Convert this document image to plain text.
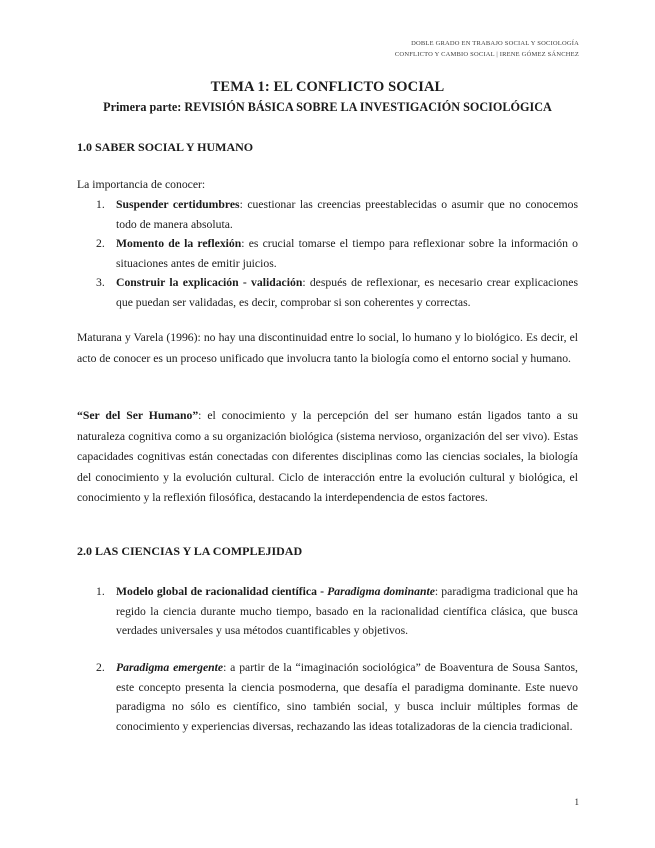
DOBLE GRADO EN TRABAJO SOCIAL Y SOCIOLOGÍA
CONFLICTO Y CAMBIO SOCIAL | IRENE GÓMEZ SÁNCHEZ
TEMA 1: EL CONFLICTO SOCIAL
Primera parte: REVISIÓN BÁSICA SOBRE LA INVESTIGACIÓN SOCIOLÓGICA
1.0 SABER SOCIAL Y HUMANO
La importancia de conocer:
1. Suspender certidumbres: cuestionar las creencias preestablecidas o asumir que no conocemos todo de manera absoluta.
2. Momento de la reflexión: es crucial tomarse el tiempo para reflexionar sobre la información o situaciones antes de emitir juicios.
3. Construir la explicación - validación: después de reflexionar, es necesario crear explicaciones que puedan ser validadas, es decir, comprobar si son coherentes y correctas.
Maturana y Varela (1996): no hay una discontinuidad entre lo social, lo humano y lo biológico. Es decir, el acto de conocer es un proceso unificado que involucra tanto la biología como el entorno social y humano.
“Ser del Ser Humano”: el conocimiento y la percepción del ser humano están ligados tanto a su naturaleza cognitiva como a su organización biológica (sistema nervioso, organización del ser vivo). Estas capacidades cognitivas están conectadas con diferentes disciplinas como las ciencias sociales, la biología del conocimiento y la evolución cultural. Ciclo de interacción entre la evolución cultural y biológica, el conocimiento y la reflexión filosófica, destacando la interdependencia de estos factores.
2.0 LAS CIENCIAS Y LA COMPLEJIDAD
1. Modelo global de racionalidad científica - Paradigma dominante: paradigma tradicional que ha regido la ciencia durante mucho tiempo, basado en la racionalidad científica clásica, que busca verdades universales y usa métodos cuantificables y objetivos.
2. Paradigma emergente: a partir de la “imaginación sociológica” de Boaventura de Sousa Santos, este concepto presenta la ciencia posmoderna, que desafía el paradigma dominante. Este nuevo paradigma no sólo es científico, sino también social, y busca incluir múltiples formas de conocimiento y experiencias diversas, rechazando las ideas totalizadoras de la ciencia tradicional.
1
